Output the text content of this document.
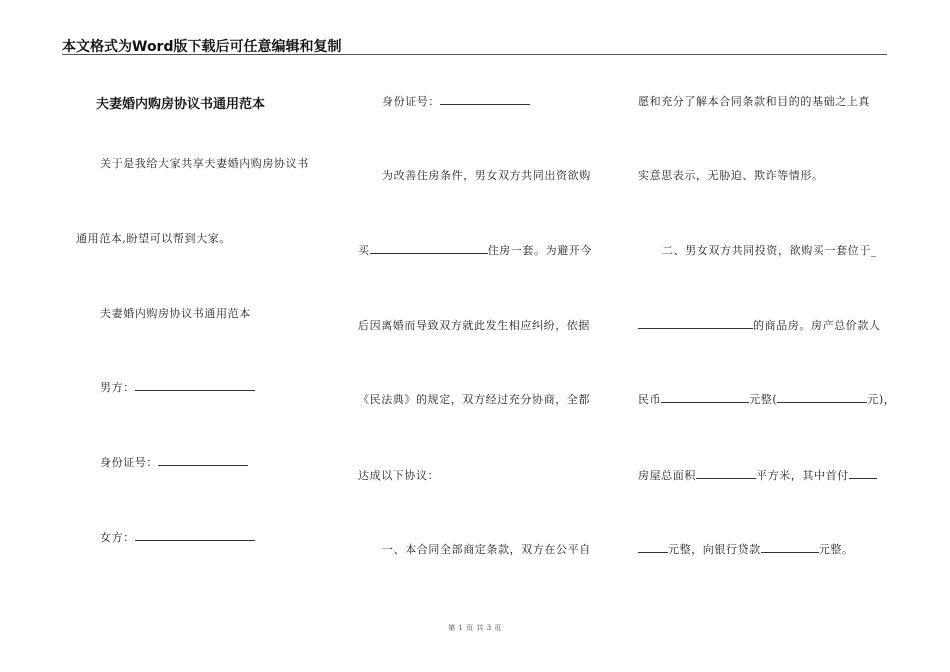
本文格式为Word版下载后可任意编辑和复制
夫妻婚内购房协议书通用范本
关于是我给大家共享夫妻婚内购房协议书
通用范本,盼望可以帮到大家。
夫妻婚内购房协议书通用范本
男方：
身份证号：
女方：
身份证号：
为改善住房条件，男女双方共同出资欲购
买	住房一套。为避开今
后因离婚而导致双方就此发生相应纠纷，依据
《民法典》的规定，双方经过充分协商，全都
达成以下协议：
一、本合同全部商定条款，双方在公平自
愿和充分了解本合同条款和目的的基础之上真
实意思表示，无胁迫、欺诈等情形。
二、男女双方共同投资，欲购买一套位于_
的商品房。房产总价款人
民币	元整(	元)，
房屋总面积	平方米，其中首付
元整，向银行贷款	元整。
第 1 页 共 3 页
